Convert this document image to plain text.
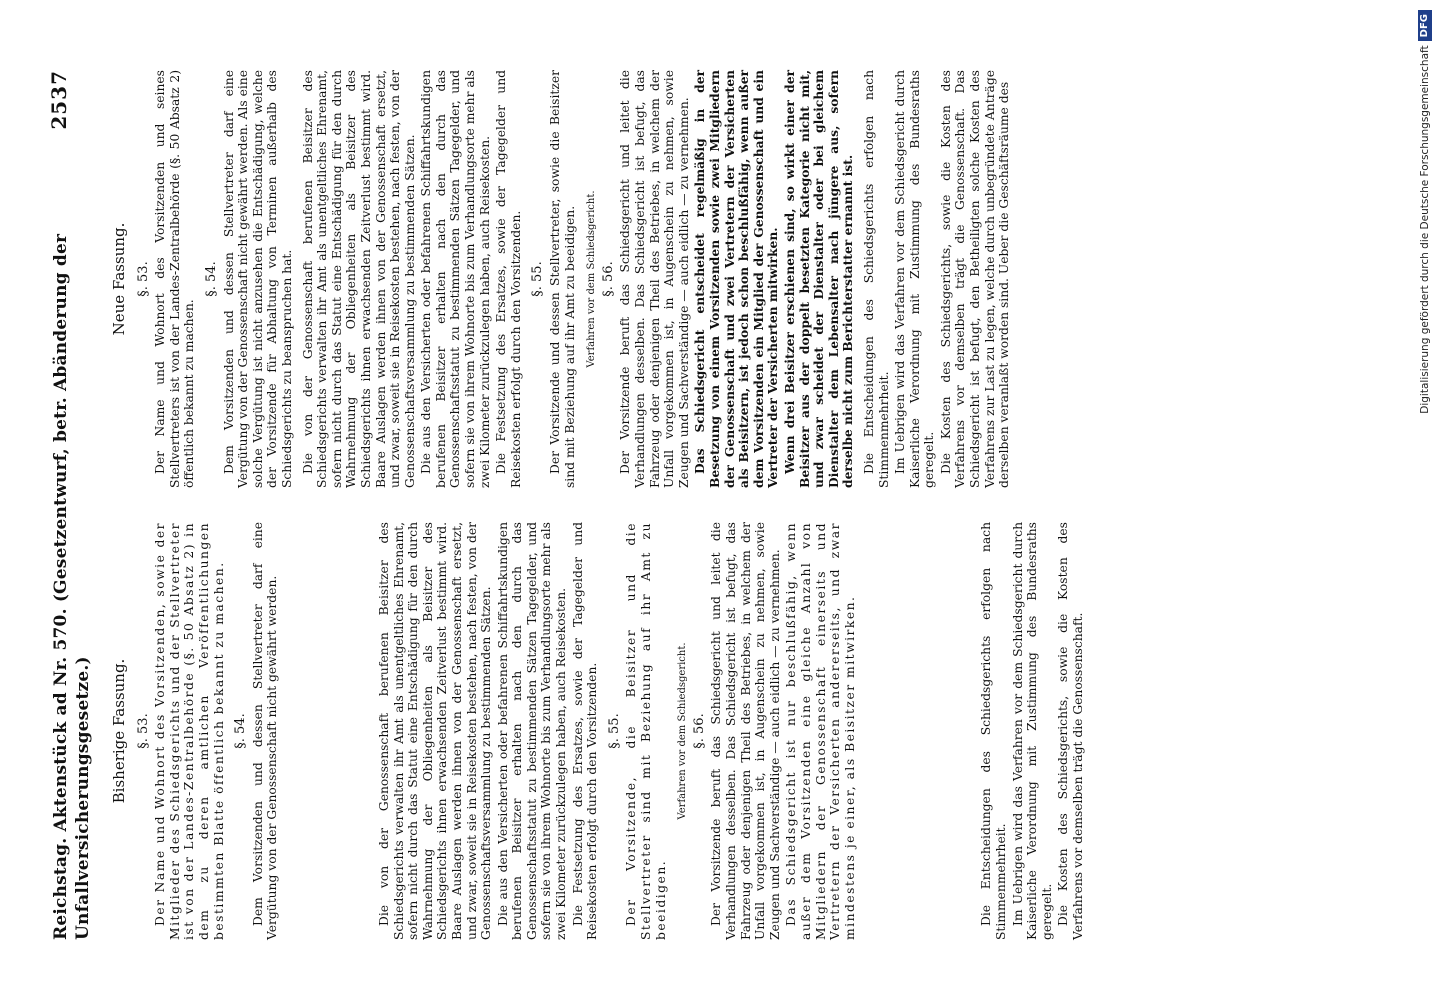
Reichstag. Aktenstück ad Nr. 570. (Gesetzentwurf, betr. Abänderung der Unfallversicherungsgesetze.)
2537
Bisherige Fassung. §. 53. Der Name und Wohnort des Vorsitzenden, sowie der Mitglieder des Schiedsgerichts und der Stellvertreter ist von der Landes-Zentralbehörde (§. 50 Absatz 2) in dem zu deren amtlichen Veröffentlichungen bestimmten Blatte öffentlich bekannt zu machen. §. 54. Dem Vorsitzenden und dessen Stellvertreter darf eine Vergütung von der Genossenschaft nicht gewährt werden.	Die von der Genossenschaft berufenen Beisitzer des Schiedsgerichts verwalten ihr Amt als unentgeltliches Ehrenamt, sofern nicht durch das Statut eine Entschädigung für den durch Wahrnehmung der Obliegenheiten als Beisitzer des Schiedsgerichts ihnen erwachsenden Zeitverlust bestimmt wird. Baare Auslagen werden ihnen von der Genossenschaft ersetzt, und zwar, soweit sie in Reisekosten bestehen, nach festen, von der Genossenschaftsversammlung zu bestimmenden Sätzen. Die aus den Versicherten oder befahrenen Schiffahrtskundigen berufenen Beisitzer erhalten nach den durch das Genossenschaftsstatut zu bestimmenden Sätzen Tagegelder, und sofern sie von ihrem Wohnorte bis zum Verhandlungsorte mehr als zwei Kilometer zurückzulegen haben, auch Reisekosten. Die Festsetzung des Ersatzes, sowie der Tagegelder und Reisekosten erfolgt durch den Vorsitzenden. §. 55. Der Vorsitzende, die Beisitzer und die Stellvertreter sind mit Beziehung auf ihr Amt zu beeidigen.

Verfahren vor dem Schiedsgericht. §. 56. Der Vorsitzende beruft das Schiedsgericht und leitet die Verhandlungen desselben. Das Schiedsgericht ist befugt, das Fahrzeug oder denjenigen Theil des Betriebes, in welchem der Unfall vorgekommen ist, in Augenschein zu nehmen, sowie Zeugen und Sachverständige — auch eidlich — zu vernehmen. Das Schiedsgericht ist nur beschlußfähig, wenn außer dem Vorsitzenden eine gleiche Anzahl von Mitgliedern der Genossenschaft einerseits und Vertretern der Versicherten andererseits, und zwar mindestens je einer, als Beisitzer mitwirken.	Die Entscheidungen des Schiedsgerichts erfolgen nach Stimmenmehrheit. Im Uebrigen wird das Verfahren vor dem Schiedsgericht durch Kaiserliche Verordnung mit Zustimmung des Bundesraths geregelt. Die Kosten des Schiedsgerichts, sowie die Kosten des Verfahrens vor demselben trägt die Genossenschaft.

Neue Fassung. §. 53. Der Name und Wohnort des Vorsitzenden und seines Stellvertreters ist von der Landes-Zentralbehörde (§. 50 Absatz 2) öffentlich bekannt zu machen.

§. 54. Dem Vorsitzenden und dessen Stellvertreter darf eine Vergütung von der Genossenschaft nicht gewährt werden. Als eine solche Vergütung ist nicht anzusehen die Entschädigung, welche der Vorsitzende für Abhaltung von Terminen außerhalb des Schiedsgerichts zu beanspruchen hat. Die von der Genossenschaft berufenen Beisitzer des Schiedsgerichts verwalten ihr Amt als unentgeltliches Ehrenamt, sofern nicht durch das Statut eine Entschädigung für den durch Wahrnehmung der Obliegenheiten als Beisitzer des Schiedsgerichts ihnen erwachsenden Zeitverlust bestimmt wird. Baare Auslagen werden ihnen von der Genossenschaft ersetzt, und zwar, soweit sie in Reisekosten bestehen, nach festen, von der Genossenschaftsversammlung zu bestimmenden Sätzen. Die aus den Versicherten oder befahrenen Schiffahrtskundigen berufenen Beisitzer erhalten nach den durch das Genossenschaftsstatut zu bestimmenden Sätzen Tagegelder, und sofern sie von ihrem Wohnorte bis zum Verhandlungsorte mehr als zwei Kilometer zurückzulegen haben, auch Reisekosten. Die Festsetzung des Ersatzes, sowie der Tagegelder und Reisekosten erfolgt durch den Vorsitzenden. §. 55. Der Vorsitzende und dessen Stellvertreter, sowie die Beisitzer sind mit Beziehung auf ihr Amt zu beeidigen. Verfahren vor dem Schiedsgericht. §. 56. Der Vorsitzende beruft das Schiedsgericht und leitet die Verhandlungen desselben. Das Schiedsgericht ist befugt, das Fahrzeug oder denjenigen Theil des Betriebes, in welchem der Unfall vorgekommen ist, in Augenschein zu nehmen, sowie Zeugen und Sachverständige — auch eidlich — zu vernehmen. Das Schiedsgericht entscheidet regelmäßig in der Besetzung von einem Vorsitzenden sowie zwei Mitgliedern der Genossenschaft und zwei Vertretern der Versicherten als Beisitzern, ist jedoch schon beschlußfähig, wenn außer dem Vorsitzenden ein Mitglied der Genossenschaft und ein Vertreter der Versicherten mitwirken. Wenn drei Beisitzer erschienen sind, so wirkt einer der Beisitzer aus der doppelt besetzten Kategorie nicht mit, und zwar scheidet der Dienstalter oder bei gleichem Dienstalter dem Lebensalter nach jüngere aus, sofern derselbe nicht zum Berichterstatter ernannt ist. Die Entscheidungen des Schiedsgerichts erfolgen nach Stimmenmehrheit. Im Uebrigen wird das Verfahren vor dem Schiedsgericht durch Kaiserliche Verordnung mit Zustimmung des Bundesraths geregelt. Die Kosten des Schiedsgerichts, sowie die Kosten des Verfahrens vor demselben trägt die Genossenschaft. Das Schiedsgericht ist befugt, den Betheiligten solche Kosten des Verfahrens zur Last zu legen, welche durch unbegründete Anträge derselben veranlaßt worden sind. Ueber die Geschäftsräume des	Digitalisierung gefördert durch die Deutsche ForschungsgemeinschaftDFG
